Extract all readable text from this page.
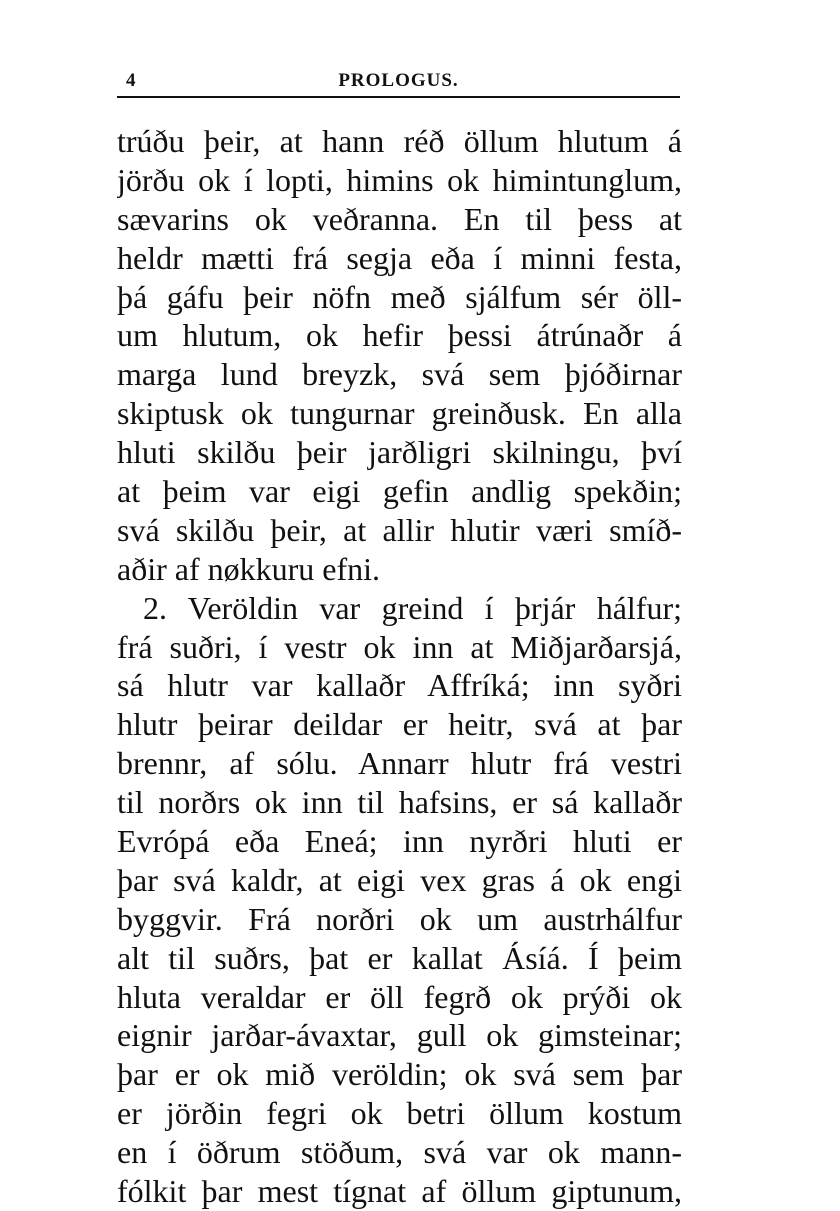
4	PROLOGUS.
trúðu þeir, at hann réð öllum hlutum á
jörðu ok í lopti, himins ok himintunglum,
sævarins ok veðranna. En til þess at
heldr mætti frá segja eða í minni festa,
þá gáfu þeir nöfn með sjálfum sér öll-
um hlutum, ok hefir þessi átrúnaðr á
marga lund breyzk, svá sem þjóðirnar
skiptusk ok tungurnar greinðusk. En alla
hluti skilðu þeir jarðligri skilningu, því
at þeim var eigi gefin andlig spekðin;
svá skilðu þeir, at allir hlutir væri smíð-
aðir af nøkkuru efni.
2. Veröldin var greind í þrjár hálfur;
frá suðri, í vestr ok inn at Miðjarðarsjá,
sá hlutr var kallaðr Affríká; inn syðri
hlutr þeirar deildar er heitr, svá at þar
brennr, af sólu. Annarr hlutr frá vestri
til norðrs ok inn til hafsins, er sá kallaðr
Evrópá eða Eneá; inn nyrðri hluti er
þar svá kaldr, at eigi vex gras á ok engi
byggvir. Frá norðri ok um austrhálfur
alt til suðrs, þat er kallat Ásíá. Í þeim
hluta veraldar er öll fegrð ok prýði ok
eignir jarðar-ávaxtar, gull ok gimsteinar;
þar er ok mið veröldin; ok svá sem þar
er jörðin fegri ok betri öllum kostum
en í öðrum stöðum, svá var ok mann-
fólkit þar mest tígnat af öllum giptunum,
